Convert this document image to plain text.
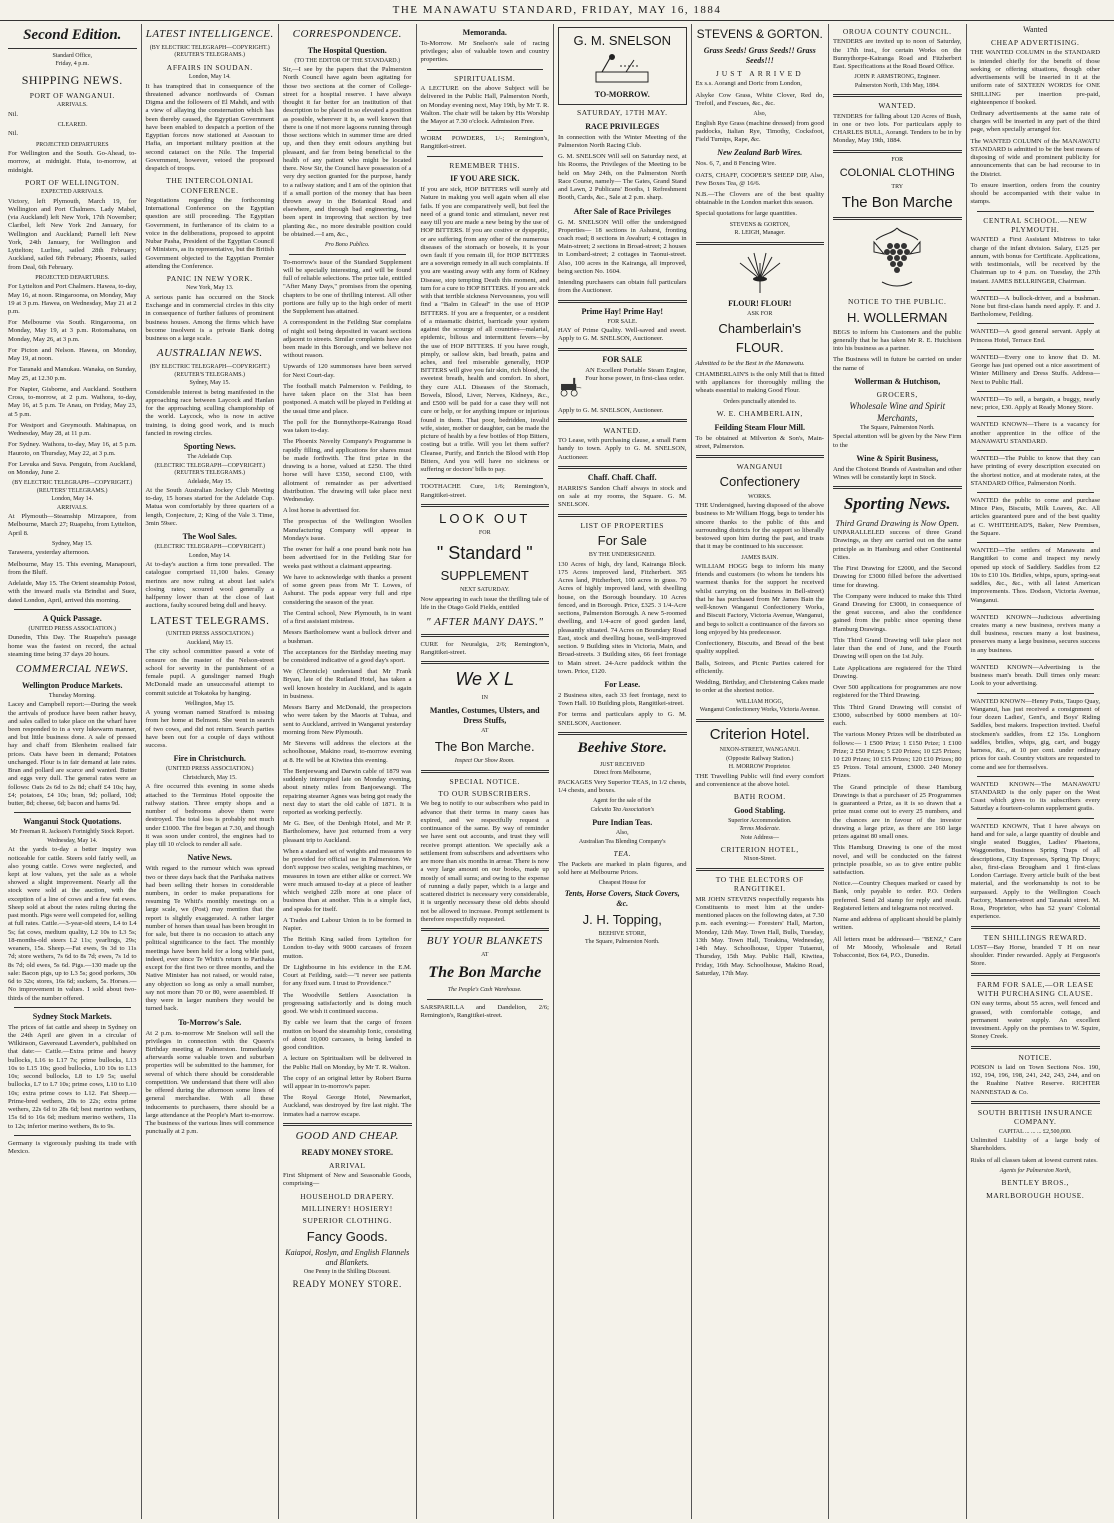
THE MANAWATU STANDARD, FRIDAY, MAY 16, 1884
Second Edition.
Standard Office,
Friday, 4 p.m.
SHIPPING NEWS.
PORT OF WANGANUI.
ARRIVALS.

Nil.

CLEARED.

Nil.

PROJECTED DEPARTURES

For Wellington and the South. Go-Ahead, to-morrow, at midnight. Huia, to-morrow, at midnight.

PORT OF WELLINGTON.
EXPECTED ARRIVALS.

Victory, left Plymouth, March 19, for Wellington and Port Chalmers. Lady Mabel, (via Auckland) left New York, 17th November; Claribel, left New York 2nd January, for Wellington and Auckland; Parnell left New York, 24th January, for Wellington and Lyttelton; Lurline, sailed 28th February; Auckland, sailed 6th February; Phoenix, sailed from Deal, 6th February.

PROJECTED DEPARTURES.

For Lyttelton and Port Chalmers. Hawea, to-day, May 16, at noon. Ringarooma, on Monday, May 19 at 3 p.m. Hawea, on Wednesday, May 21 at 2 p.m.

For Melbourne via South. Ringarooma, on Monday, May 19, at 3 p.m. Rotomahana, on Monday, May 26, at 3 p.m.

For Picton and Nelson. Hawea, on Monday, May 19, at noon.

For Taranaki and Manukau. Wanaka, on Sunday, May 25, at 12.30 p.m.

For Napier, Gisborne, and Auckland. Southern Cross, to-morrow, at 2 p.m. Waihora, to-day, May 16, at 5 p.m. Te Anau, on Friday, May 23, at 5 p.m.

For Westport and Greymouth. Mahinapua, on Wednesday, May 28, at 11 p.m.

For Sydney. Waihora, to-day, May 16, at 5 p.m. Hauroto, on Thursday, May 22, at 3 p.m.

For Levuka and Suva. Penguin, from Auckland, on Monday, June 2.

(BY ELECTRIC TELEGRAPH—COPYRIGHT.) (REUTERS' TELEGRAMS.)
London, May 14.
ARRIVALS.

At Plymouth—Steamship Mirzapore, from Melbourne, March 27; Ruapehu, from Lyttelton, April 8.

Sydney, May 15.

Tarawera, yesterday afternoon.

Melbourne, May 15. This evening, Manapouri, from the Bluff.

Adelaide, May 15. The Orient steamship Potosi, with the inward mails via Brindisi and Suez, dated London, April, arrived this morning.

A Quick Passage.
(UNITED PRESS ASSOCIATION.)

Dunedin, This Day. The Ruapehu's passage home was the fastest on record, the actual steaming time being 37 days 20 hours.

COMMERCIAL NEWS.
Wellington Produce Markets.
Thursday Morning.

Lacey and Campbell report:—During the week the arrivals of produce have been rather heavy, and sales called to take place on the wharf have been responded to in a very lukewarm manner, and but little business done. A sale of pressed hay and chaff from Blenheim realised fair prices. Oats have been in demand; Potatoes unchanged. Flour is in fair demand at late rates. Bran and pollard are scarce and wanted. Butter and eggs very dull. The general rates were as follows: Oats 2s 6d to 2s 8d; chaff £4 10s; hay, £4; potatoes, £4 10s; bran, 9d; pollard, 10d; butter, 8d; cheese, 6d; bacon and hams 9d.

Wanganui Stock Quotations.
Mr Freeman R. Jackson's Fortnightly Stock Report.
Wednesday, May 14.

At the yards to-day a better inquiry was noticeable for cattle. Steers sold fairly well, as also young cattle. Cows were neglected, and kept at low values, yet the sale as a whole showed a slight improvement. Nearly all the stock were sold at the auction, with the exception of a line of cows and a few fat ewes. Sheep sold at about the rates ruling during the past month. Pigs were well competed for, selling at full rates. Cattle.—3-year-old steers, L4 to L4 5s; fat cows, medium quality, L2 10s to L3 5s; 18-months-old steers L2 11s; yearlings, 29s; weaners, 15s. Sheep.—Fat ewes, 9s 3d to 11s 7d; store wethers, 7s 6d to 8s 7d; ewes, 7s 1d to 8s 7d; old ewes, 5s 6d. Pigs.—130 made up the sale: Bacon pigs, up to L3 5s; good porkers, 30s 6d to 32s; stores, 16s 6d; suckers, 5s. Horses.—No improvement in values. I sold about two-thirds of the number offered.

Sydney Stock Markets.

The prices of fat cattle and sheep in Sydney on the 24th April are given in a circular of Wilkinson, Gavereaud Lavender's, published on that date:— Cattle.—Extra prime and heavy bullocks, L16 to L17 7s; prime bullocks, L13 10s to L15 10s; good bullocks, L10 10s to L13 10s; second bullocks, L8 to L9 5s; useful bullocks, L7 to L7 10s; prime cows, L10 to L10 10s; extra prime cows to L12. Fat Sheep.—Prime-bred wethers, 20s to 22s; extra prime wethers, 22s 6d to 28s 6d; best merino wethers, 15s 6d to 16s 6d; medium merino wethers, 11s to 12s; inferior merino wethers, 8s to 9s.

Germany is vigorously pushing its trade with Mexico.

LATEST INTELLIGENCE.
(BY ELECTRIC TELEGRAPH—COPYRIGHT.) (REUTER'S TELEGRAMS.)
AFFAIRS IN SOUDAN.
London, May 14.

It has transpired that in consequence of the threatened advance northwards of Osman Digma and the followers of El Mahdi, and with a view of allaying the consternation which has been thereby caused, the Egyptian Government have been enabled to despatch a portion of the Egyptian forces now stationed at Assouan to Hafia, an important military position at the second cataract on the Nile. The Imperial Government, however, vetoed the proposed despatch of troops.

THE INTERCOLONIAL CONFERENCE.

Negotiations regarding the forthcoming International Conference on the Egyptian question are still proceeding. The Egyptian Government, in furtherance of its claim to a voice in the deliberations, proposed to appoint Nubar Pasha, President of the Egyptian Council of Ministers, as its representative, but the British Government objected to the Egyptian Premier attending the Conference.

PANIC IN NEW YORK.
New York, May 13.

A serious panic has occurred on the Stock Exchange and in commercial circles in this city in consequence of further failures of prominent business houses. Among the firms which have become insolvent is a private Bank doing business on a large scale.

AUSTRALIAN NEWS.
(BY ELECTRIC TELEGRAPH—COPYRIGHT.) (REUTER'S TELEGRAMS.)
Sydney, May 15.

Considerable interest is being manifested in the approaching race between Laycock and Hanlan for the approaching sculling championship of the world. Laycock, who is now in active training, is doing good work, and is much fancied in rowing circles.

Sporting News.
The Adelaide Cup.
(ELECTRIC TELEGRAPH—COPYRIGHT.) (REUTER'S TELEGRAMS.)
Adelaide, May 15.

At the South Australian Jockey Club Meeting to-day, 15 horses started for the Adelaide Cup. Matua won comfortably by three quarters of a length, Conjecture, 2; King of the Vale 3. Time, 3min 59sec.

The Wool Sales.
(ELECTRIC TELEGRAPH—COPYRIGHT.)
London, May 14.

At to-day's auction a firm tone prevailed. The catalogue comprised 11,100 bales. Greasy merinos are now ruling at about last sale's closing rates; scoured wool generally a halfpenny lower than at the close of last auctions, faulty scoured being dull and heavy.

LATEST TELEGRAMS.
(UNITED PRESS ASSOCIATION.)
Auckland, May 15.

The city school committee passed a vote of censure on the master of the Nelson-street school for severity in the punishment of a female pupil. A gunslinger named Hugh McDonald made an unsuccessful attempt to commit suicide at Tokatoka by hanging.

Wellington, May 15.

A young woman named Stratford is missing from her home at Belmont. She went in search of two cows, and did not return. Search parties have been out for a couple of days without success.

Fire in Christchurch.
(UNITED PRESS ASSOCIATION.)
Christchurch, May 15.

A fire occurred this evening in some sheds attached to the Terminus Hotel opposite the railway station. Three empty shops and a number of bedrooms above them were destroyed. The total loss is probably not much under £1000. The fire began at 7.30, and though it was soon under control, the engines had to play till 10 o'clock to render all safe.

Native News.

With regard to the rumour which was spread two or three days back that the Parihaka natives had been selling their horses in considerable numbers, in order to make preparations for resuming Te Whiti's monthly meetings on a large scale, we (Post) may mention that the report is slightly exaggerated. A rather larger number of horses than usual has been brought in for sale, but there is no occasion to attach any political significance to the fact. The monthly meetings have been held for a long while past, indeed, ever since Te Whiti's return to Parihaka except for the first two or three months, and the Native Minister has not raised, or would raise, any objection so long as only a small number, say not more than 70 or 80, were assembled. If they were in larger numbers they would be turned back.

To-Morrow's Sale.

At 2 p.m. to-morrow Mr Snelson will sell the privileges in connection with the Queen's Birthday meeting at Palmerston. Immediately afterwards some valuable town and suburban properties will be submitted to the hammer, for several of which there should be considerable competition. We understand that there will also be offered during the afternoon some lines of general merchandise. With all these inducements to purchasers, there should be a large attendance at the People's Mart to-morrow. The business of the various lines will commence punctually at 2 p.m.

CORRESPONDENCE.
The Hospital Question.
(TO THE EDITOR OF THE STANDARD.)

Sir,—I see by the papers that the Palmerston North Council have again been agitating for those two sections at the corner of College-street for a hospital reserve. I have always thought it far better for an institution of that description to be placed in so elevated a position as possible, wherever it is, as well known that there is one if not more lagoons running through those sections which in summer time are dried up, and then they emit odours anything but pleasant, and far from being beneficial to the health of any patient who might be located there. Now Sir, the Council have possession of a very dry section granted for the purpose, handy to a railway station; and I am of the opinion that if a small portion of the money that has been thrown away in the Botanical Road and elsewhere, and through bad engineering, had been spent in improving that section by tree planting &c., no more desirable position could be obtained.—I am, &c.,

Pro Bono Publico.

To-morrow's issue of the Standard Supplement will be specially interesting, and will be found full of reliable selections. The prize tale, entitled "After Many Days," promises from the opening chapters to be one of thrilling interest. All other portions are fully up to the high order of merit the Supplement has attained.

A correspondent in the Feilding Star complains of night soil being deposited in vacant sections adjacent to streets. Similar complaints have also been made in this Borough, and we believe not without reason.

Upwards of 120 summonses have been served for Next Court-day.

The football match Palmerston v. Feilding, to have taken place on the 31st has been postponed. A match will be played in Feilding at the usual time and place.

The poll for the Bunnythorpe-Kairanga Road was taken to-day.

The Phoenix Novelty Company's Programme is rapidly filling, and applications for shares must be made forthwith. The first prize in the drawing is a horse, valued at £250. The third horse will have £350, second £100, with allotment of remainder as per advertised distribution. The drawing will take place next Wednesday.

A lost horse is advertised for.

The prospectus of the Wellington Woollen Manufacturing Company will appear in Monday's issue.

The owner for half a one pound bank note has been advertised for in the Feilding Star for weeks past without a claimant appearing.

We have to acknowledge with thanks a present of some green peas from Mr T. Lowes, of Ashurst. The pods appear very full and ripe considering the season of the year.

The Central school, New Plymouth, is in want of a first assistant mistress.

Messrs Bartholomew want a bullock driver and a bushman.

The acceptances for the Birthday meeting may be considered indicative of a good day's sport.

We (Chronicle) understand that Mr Frank Bryan, late of the Rutland Hotel, has taken a well known hostelry in Auckland, and is again in business.

Messrs Barry and McDonald, the prospectors who were taken by the Maoris at Tuhua, and sent to Auckland, arrived in Wanganui yesterday morning from New Plymouth.

Mr Stevens will address the electors at the schoolhouse, Makino road, to-morrow evening at 8. He will be at Kiwitea this evening.

The Benjeewang and Darwin cable of 1879 was suddenly interrupted late on Monday evening, about ninety miles from Banjoewangi. The repairing steamer Agnes was being got ready the next day to start the old cable of 1871. It is reported as working perfectly.

Mr G. Bee, of the Denbigh Hotel, and Mr P. Bartholomew, have just returned from a very pleasant trip to Auckland.

When a standard set of weights and measures to be provided for official use in Palmerston. We don't suppose two scales, weighing machines, or measures in town are either alike or correct. We were much amused to-day at a piece of leather which weighed 22lb more at one place of business than at another. This is a simple fact, and speaks for itself.

A Trades and Labour Union is to be formed in Napier.

The British King sailed from Lyttelton for London to-day with 9000 carcases of frozen mutton.

Dr Lightbourne in his evidence in the E.M. Court at Feilding, said:—"I never see patients for any fixed sum. I trust to Providence."

The Woodville Settlers Association is progressing satisfactorily and is doing much good. We wish it continued success.

By cable we learn that the cargo of frozen mutton on board the steamship Ionic, consisting of about 10,000 carcases, is being landed in good condition.

A lecture on Spiritualism will be delivered in the Public Hall on Monday, by Mr T. R. Walton.

The copy of an original letter by Robert Burns will appear in to-morrow's paper.

The Royal George Hotel, Newmarket, Auckland, was destroyed by fire last night. The inmates had a narrow escape.

GOOD AND CHEAP.
READY MONEY STORE.
ARRIVAL

First Shipment of New and Seasonable Goods, comprising—

HOUSEHOLD DRAPERY.
MILLINERY! HOSIERY!
SUPERIOR CLOTHING.
Fancy Goods.
Kaiapoi, Roslyn, and English Flannels and Blankets.
One Penny in the Shilling Discount.
READY MONEY STORE.
Memoranda.

To-Morrow. Mr Snelson's sale of racing privileges; also of valuable town and country properties.

SPIRITUALISM.

A LECTURE on the above Subject will be delivered in the Public Hall, Palmerston North, on Monday evening next, May 19th, by Mr T. R. Walton. The chair will be taken by His Worship the Mayor at 7.30 o'clock. Admission Free.

WORM POWDERS, 1/-; Remington's, Rangitikei-street.

REMEMBER THIS.
IF YOU ARE SICK.

If you are sick, HOP BITTERS will surely aid Nature in making you well again when all else fails. If you are comparatively well, but feel the need of a grand tonic and stimulant, never rest easy till you are made a new being by the use of HOP BITTERS. If you are costive or dyspeptic, or are suffering from any other of the numerous diseases of the stomach or bowels, it is your own fault if you remain ill, for HOP BITTERS are a sovereign remedy in all such complaints. If you are wasting away with any form of Kidney Disease, stop tempting Death this moment, and turn for a cure to HOP BITTERS. If you are sick with that terrible sickness Nervousness, you will find a "Balm in Gilead" in the use of HOP BITTERS. If you are a frequenter, or a resident of a miasmatic district, barricade your system against the scourge of all countries—malarial, epidemic, bilious and intermittent fevers—by the use of HOP BITTERS. If you have rough, pimply, or sallow skin, bad breath, pains and aches, and feel miserable generally, HOP BITTERS will give you fair skin, rich blood, the sweetest breath, health and comfort. In short, they cure ALL Diseases of the Stomach, Bowels, Blood, Liver, Nerves, Kidneys, &c., and £500 will be paid for a case they will not cure or help, or for anything impure or injurious found in them. That poor, bedridden, invalid wife, sister, mother or daughter, can be made the picture of health by a few bottles of Hop Bitters, costing but a trifle. Will you let them suffer? Cleanse, Purify, and Enrich the Blood with Hop Bitters, And you will have no sickness or suffering or doctors' bills to pay.

TOOTHACHE Cure, 1/6; Remington's, Rangitikei-street.

LOOK OUT
FOR
" Standard "
SUPPLEMENT
NEXT SATURDAY.

Now appearing in each issue the thrilling tale of life in the Otago Gold Fields, entitled

" AFTER MANY DAYS."

CURE for Neuralgia, 2/6; Remington's, Rangitikei-street.

We X L
IN
Mantles, Costumes, Ulsters, and Dress Stuffs,
AT
The Bon Marche.
Inspect Our Show Room.
SPECIAL NOTICE.
TO OUR SUBSCRIBERS.

We beg to notify to our subscribers who paid in advance that their terms in many cases has expired, and we respectfully request a continuance of the same. By way of reminder we have sent out accounts, and trust they will receive prompt attention. We specially ask a settlement from subscribers and advertisers who are more than six months in arrear. There is now a very large amount on our books, made up mostly of small sums; and owing to the expense of running a daily paper, which is a large and scattered district is necessary very considerable, it is urgently necessary these old debts should not be allowed to increase. Prompt settlement is therefore respectfully requested.

BUY YOUR BLANKETS
AT
The Bon Marche
The People's Cash Warehouse.

SARSPARILLA and Dandelion, 2/6; Remington's, Rangitikei-street.

G. M. SNELSON
TO-MORROW.
SATURDAY, 17TH MAY.
RACE PRIVILEGES

In connection with the Winter Meeting of the Palmerston North Racing Club.

G. M. SNELSON Will sell on Saturday next, at his Rooms, the Privileges of the Meeting to be held on May 24th, on the Palmerston North Race Course, namely— The Gates, Grand Stand and Lawn, 2 Publicans' Booths, 1 Refreshment Booth, Cards, &c., Sale at 2 p.m. sharp.

After Sale of Race Privileges

G. M. SNELSON Will offer the undersigned Properties— 18 sections in Ashurst, fronting coach road; 8 sections in Awahuri; 4 cottages in Main-street; 2 sections in Broad-street; 2 houses in Lombard-street; 2 cottages in Taonui-street. Also, 100 acres in the Kairanga, all improved, being section No. 1604.

Intending purchasers can obtain full particulars from the Auctioneer.

Prime Hay! Prime Hay!
FOR SALE.

HAY of Prime Quality. Well-saved and sweet. Apply to G. M. SNELSON, Auctioneer.

FOR SALE

AN Excellent Portable Steam Engine, Four horse power, in first-class order.

Apply to G. M. SNELSON, Auctioneer.

WANTED.

TO Lease, with purchasing clause, a small Farm handy to town. Apply to G. M. SNELSON, Auctioneer.

Chaff. Chaff. Chaff.

HARRIS'S Sandon Chaff always in stock and on sale at my rooms, the Square. G. M. SNELSON.

LIST OF PROPERTIES
For Sale
BY THE UNDERSIGNED.

130 Acres of high, dry land, Kairanga Block. 175 Acres improved land, Fitzherbert. 365 Acres land, Pitzherbert, 100 acres in grass. 70 Acres of highly improved land, with dwelling house, on the Borough boundary. 10 Acres fenced, and in Borough. Price, £325. 3 1/4-Acre sections, Palmerston Borough. A new 5-roomed dwelling, and 1/4-acre of good garden land, pleasantly situated. 74 Acres on Boundary Road East, stock and dwelling house, well-improved section. 9 Building sites in Victoria, Main, and Broad-streets. 3 Building sites, 66 feet frontage to Main street. 24-Acre paddock within the town. Price, £120.

For Lease.

2 Business sites, each 33 feet frontage, next to Town Hall. 10 Building plots, Rangitikei-street.

For terms and particulars apply to G. M. SNELSON, Auctioneer.

Beehive Store.
JUST RECEIVED
Direct from Melbourne,

PACKAGES Very Superior TEAS, in 1/2 chests, 1/4 chests, and boxes.

Agent for the sale of the
Calcutta Tea Association's
Pure Indian Teas.
Also,
Australian Tea Blending Company's
TEA.

The Packets are marked in plain figures, and sold here at Melbourne Prices.

Cheapest House for
Tents, Horse Covers, Stack Covers, &c.
J. H. Topping,
BEEHIVE STORE,
The Square, Palmerston North.
STEVENS & GORTON.
Grass Seeds! Grass Seeds!! Grass Seeds!!!
JUST ARRIVED

Ex s.s. Aorangi and Doric from London,

Alsyke Cow Grass, White Clover, Red do, Trefoil, and Fescues, &c., &c.

Also,

English Rye Grass (machine dressed) from good paddocks, Italian Rye, Timothy, Cocksfoot, Field Turnips, Rape, &c.

New Zealand Barb Wires.

Nos. 6, 7, and 8 Fencing Wire.

OATS, CHAFF, COOPER'S SHEEP DIP, Also, Few Boxes Tea, @ 16/6.

N.B.—The Clovers are of the best quality obtainable in the London market this season.

Special quotations for large quantities.

STEVENS & GORTON,
R. LEIGH, Manager.
FLOUR! FLOUR!
ASK FOR
Chamberlain's
FLOUR.

Admitted to be the Best in the Manawatu.

CHAMBERLAIN'S is the only Mill that is fitted with appliances for thoroughly milling the wheats essential to making Good Flour.

Orders punctually attended to.
W. E. CHAMBERLAIN,
Feilding Steam Flour Mill.

To be obtained at Milverton & Son's, Main-street, Palmerston.

WANGANUI
Confectionery
WORKS.

THE Undersigned, having disposed of the above business to Mr William Hogg, begs to tender his sincere thanks to the public of this and surrounding districts for the support so liberally bestowed upon him during the past, and trusts that it may be continued to his successor.

JAMES BAIN.

WILLIAM HOGG begs to inform his many friends and customers (to whom he tenders his warmest thanks for the support he received whilst carrying on the business in Bell-street) that he has purchased from Mr James Bain the well-known Wanganui Confectionery Works, and Biscuit Factory, Victoria Avenue, Wanganui, and begs to solicit a continuance of the favors so long enjoyed by his predecessor.

Confectionery, Biscuits, and Bread of the best quality supplied.

Balls, Soirees, and Picnic Parties catered for efficiently.

Wedding, Birthday, and Christening Cakes made to order at the shortest notice.

WILLIAM HOGG,
Wanganui Confectionery Works, Victoria Avenue.
Criterion Hotel.
NIXON-STREET, WANGANUI.
(Opposite Railway Station.)
H. MORROW Proprietor.

THE Travelling Public will find every comfort and convenience at the above hotel.

BATH ROOM.
Good Stabling.
Superior Accommodation.
Terms Moderate.
Note Address—
CRITERION HOTEL,
Nixon-Street.
TO THE ELECTORS OF RANGITIKEI.

MR JOHN STEVENS respectfully requests his Constituents to meet him at the under-mentioned places on the following dates, at 7.30 p.m. each evening:— Foresters' Hall, Marton, Monday, 12th May. Town Hall, Bulls, Tuesday, 13th May. Town Hall, Torakina, Wednesday, 14th May. Schoolhouse, Upper Tutaenui, Thursday, 15th May. Public Hall, Kiwitea, Friday, 16th May. Schoolhouse, Makino Road, Saturday, 17th May.

OROUA COUNTY COUNCIL.

TENDERS are invited up to noon of Saturday, the 17th inst., for certain Works on the Bunnythorpe-Kairanga Road and Fitzherbert East. Specifications at the Road Board Office.

JOHN P. ARMSTRONG, Engineer.
Palmerston North, 13th May, 1884.
WANTED.

TENDERS for falling about 120 Acres of Bush, in one or two lots. For particulars apply to CHARLES BULL, Aorangi. Tenders to be in by Monday, May 19th, 1884.

FOR
COLONIAL CLOTHING
TRY
The Bon Marche
NOTICE TO THE PUBLIC.
H. WOLLERMAN

BEGS to inform his Customers and the public generally that he has taken Mr R. E. Hutchison into his business as a partner.

The Business will in future be carried on under the name of

Wollerman & Hutchison,
GROCERS,
Wholesale Wine and Spirit Merchants,
The Square, Palmerston North.

Special attention will be given by the New Firm to the

Wine & Spirit Business,

And the Choicest Brands of Australian and other Wines will be constantly kept in Stock.

Sporting News.
Third Grand Drawing is Now Open.

UNPARALLELED success of three Grand Drawings, as they are carried out on the same principle as in Hamburg and other Continental Cities.

The First Drawing for £2000, and the Second Drawing for £3000 filled before the advertised time for drawing.

The Company were induced to make this Third Grand Drawing for £3000, in consequence of the great success, and also the confidence gained from the public since opening these Hamburg Drawings.

This Third Grand Drawing will take place not later than the end of June, and the Fourth Drawing will open on the 1st July.

Late Applications are registered for the Third Drawing.

Over 500 applications for programmes are now registered for the Third Drawing.

This Third Grand Drawing will consist of £3000, subscribed by 6000 members at 10/- each.

The various Money Prizes will be distributed as follows:— 1 £500 Prize; 1 £150 Prize; 1 £100 Prize; 2 £50 Prizes; 5 £20 Prizes; 10 £25 Prizes; 10 £20 Prizes; 10 £15 Prizes; 120 £10 Prizes; 80 £5 Prizes. Total amount, £3000. 240 Money Prizes.

The Grand principle of these Hamburg Drawings is that a purchaser of 25 Programmes is guaranteed a Prize, as it is so drawn that a prize must come out to every 25 numbers, and the chances are in favour of the investor drawing a large prize, as there are 160 large prizes against 80 small ones.

This Hamburg Drawing is one of the most novel, and will be conducted on the fairest principle possible, so as to give entire public satisfaction.

Notice.—Country Cheques marked or cased by Bank, only payable to order. P.O. Orders preferred. Send 2d stamp for reply and result. Registered letters and telegrams not received.

Name and address of applicant should be plainly written.

All letters must be addressed— "BENZ," Care of Mr Moody, Wholesale and Retail Tobacconist, Box 64, P.O., Dunedin.

Wanted
CHEAP ADVERTISING.

THE WANTED COLUMN in the STANDARD is intended chiefly for the benefit of those seeking or offering situations, though other advertisements will be inserted in it at the uniform rate of SIXTEEN WORDS for ONE SHILLING per insertion pre-paid, eighteenpence if booked.

Ordinary advertisements at the same rate of charges will be inserted in any part of the third page, when specially arranged for.

The WANTED COLUMN of the MANAWATU STANDARD is admitted to be the best means of disposing of wide and prominent publicity for announcements that can be had recourse to in the District.

To ensure insertion, orders from the country should be accompanied with their value in stamps.

CENTRAL SCHOOL.—NEW PLYMOUTH.

WANTED a First Assistant Mistress to take charge of the infant division. Salary, £125 per annum, with bonus for Certificate. Applications, with testimonials, will be received by the Chairman up to 4 p.m. on Tuesday, the 27th instant. JAMES BELLRINGER, Chairman.

WANTED—A bullock-driver, and a bushman. None but first-class hands need apply. F. and J. Bartholomew, Feilding.

WANTED—A good general servant. Apply at Princess Hotel, Terrace End.

WANTED—Every one to know that D. M. George has just opened out a nice assortment of Winter Millinery and Dress Stuffs. Address—Next to Public Hall.

WANTED—To sell, a bargain, a buggy, nearly new; price, £30. Apply at Ready Money Store.

WANTED KNOWN—There is a vacancy for another apprentice in the office of the MANAWATU STANDARD.

WANTED—The Public to know that they can have printing of every description executed on the shortest notice, and at moderate rates, at the STANDARD Office, Palmerston North.

WANTED the public to come and purchase Mince Pies, Biscuits, Milk Loaves, &c. All articles guaranteed pure and of the best quality at C. WHITEHEAD'S, Baker, New Premises, the Square.

WANTED—The settlers of Manawatu and Rangitikei to come and inspect my newly opened up stock of Saddlery. Saddles from £2 10s to £10 10s. Bridles, whips, spurs, spring-seat saddles, &c., &c., with all latest American improvements. Thos. Dodson, Victoria Avenue, Wanganui.

WANTED KNOWN—Judicious advertising creates many a new business, revives many a dull business, rescues many a lost business, preserves many a large business, secures success in any business.

WANTED KNOWN—Advertising is the business man's breath. Dull times only mean: Look to your advertising.

WANTED KNOWN—Henry Potts, Taupo Quay, Wanganui, has just received a consignment of four dozen Ladies', Gent's, and Boys' Riding Saddles, best makers. Inspection invited. Useful stockmen's saddles, from £2 15s. Longhorn saddles, bridles, whips, gig, cart, and buggy harness, &c., at 10 per cent. under ordinary prices for cash. Country visitors are requested to come and see for themselves.

WANTED KNOWN—The MANAWATU STANDARD is the only paper on the West Coast which gives to its subscribers every Saturday a fourteen-column supplement gratis.

WANTED KNOWN, That I have always on hand and for sale, a large quantity of double and single seated Buggies, Ladies' Phaetons, Waggonettes, Business Spring Traps of all descriptions, City Expresses, Spring Tip Drays; also, first-class Brougham and 1 first-class London Carriage. Every article built of the best material, and the workmanship is not to be surpassed. Apply to the Wellington Coach Factory, Manners-street and Taranaki street. M. Ross, Proprietor, who has 52 years' Colonial experience.

TEN SHILLINGS REWARD.

LOST—Bay Horse, branded T H on near shoulder. Finder rewarded. Apply at Ferguson's Store.

FARM FOR SALE,—OR LEASE WITH PURCHASING CLAUSE.

ON easy terms, about 55 acres, well fenced and grassed, with comfortable cottage, and permanent water supply. An excellent investment. Apply on the premises to W. Squire, Stoney Creek.

NOTICE.

POISON is laid on Town Sections Nos. 190, 192, 194, 196, 198, 241, 242, 243, 244, and on the Ruahine Native Reserve. RICHTER NANNESTAD & Co.

SOUTH BRITISH INSURANCE COMPANY.
CAPITAL ... ... ... £2,500,000.

Unlimited Liability of a large body of Shareholders.

Risks of all classes taken at lowest current rates.

Agents for Palmerston North,
BENTLEY BROS.,
MARLBOROUGH HOUSE.
